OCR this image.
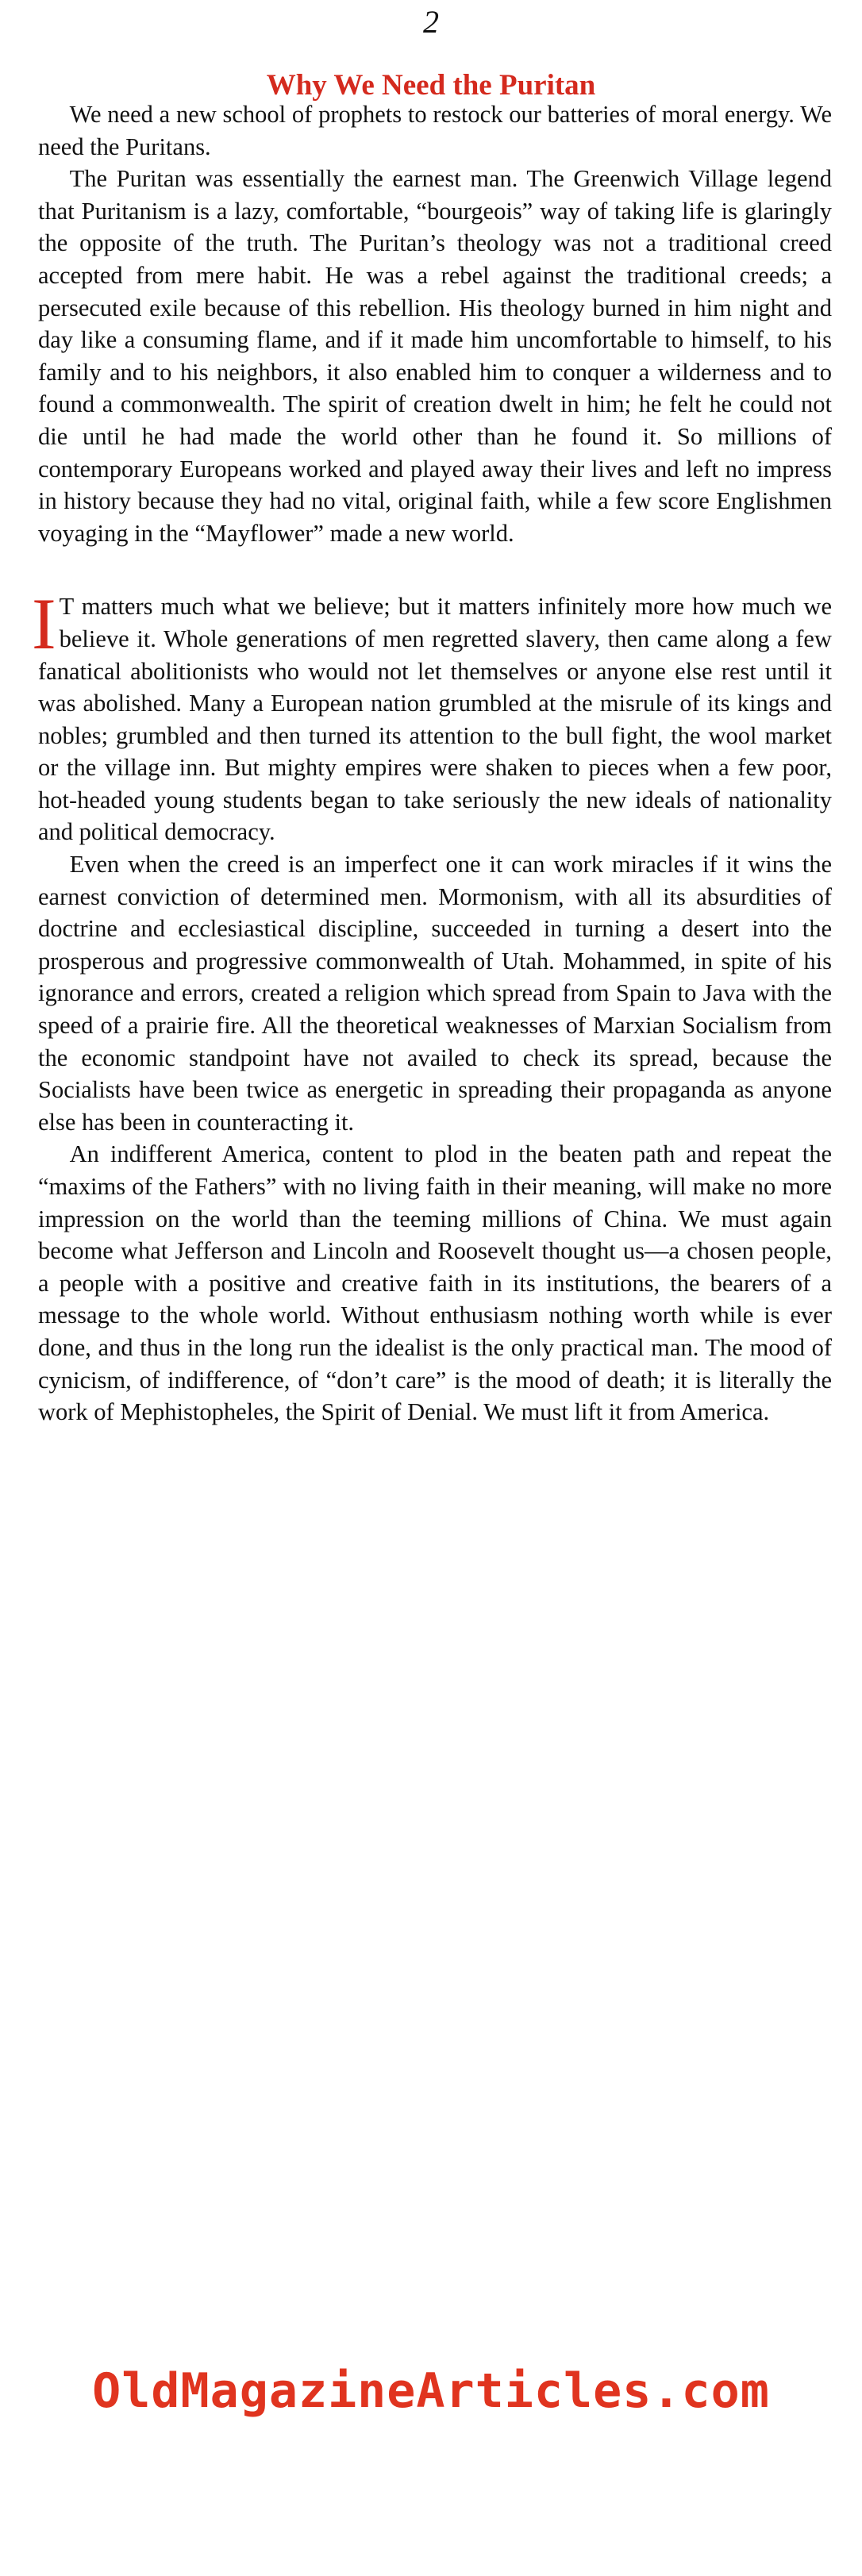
2
Why We Need the Puritan

We need a new school of prophets to restock our batteries of moral energy. We need the Puritans.

The Puritan was essentially the earnest man. The Greenwich Village legend that Puritanism is a lazy, comfortable, “bourgeois” way of taking life is glaringly the opposite of the truth. The Puritan’s theology was not a traditional creed accepted from mere habit. He was a rebel against the traditional creeds; a persecuted exile because of this rebellion. His theology burned in him night and day like a consuming flame, and if it made him uncomfortable to himself, to his family and to his neighbors, it also enabled him to conquer a wilderness and to found a commonwealth. The spirit of creation dwelt in him; he felt he could not die until he had made the world other than he found it. So millions of contemporary Europeans worked and played away their lives and left no impress in history because they had no vital, original faith, while a few score Englishmen voyaging in the “Mayflower” made a new world.

I T matters much what we believe; but it matters infinitely more how much we believe it. Whole generations of men regretted slavery, then came along a few fanatical abolitionists who would not let themselves or anyone else rest until it was abolished. Many a European nation grumbled at the misrule of its kings and nobles; grumbled and then turned its attention to the bull fight, the wool market or the village inn. But mighty empires were shaken to pieces when a few poor, hot-headed young students began to take seriously the new ideals of nationality and political democracy.

Even when the creed is an imperfect one it can work miracles if it wins the earnest conviction of determined men. Mormonism, with all its absurdities of doctrine and ecclesiastical discipline, succeeded in turning a desert into the prosperous and progressive commonwealth of Utah. Mohammed, in spite of his ignorance and errors, created a religion which spread from Spain to Java with the speed of a prairie fire. All the theoretical weaknesses of Marxian Socialism from the economic standpoint have not availed to check its spread, because the Socialists have been twice as energetic in spreading their propaganda as anyone else has been in counteracting it.

An indifferent America, content to plod in the beaten path and repeat the “maxims of the Fathers” with no living faith in their meaning, will make no more impression on the world than the teeming millions of China. We must again become what Jefferson and Lincoln and Roosevelt thought us—a chosen people, a people with a positive and creative faith in its institutions, the bearers of a message to the whole world. Without enthusiasm nothing worth while is ever done, and thus in the long run the idealist is the only practical man. The mood of cynicism, of indifference, of “don’t care” is the mood of death; it is literally the work of Mephistopheles, the Spirit of Denial. We must lift it from America.

OldMagazineArticles.com
